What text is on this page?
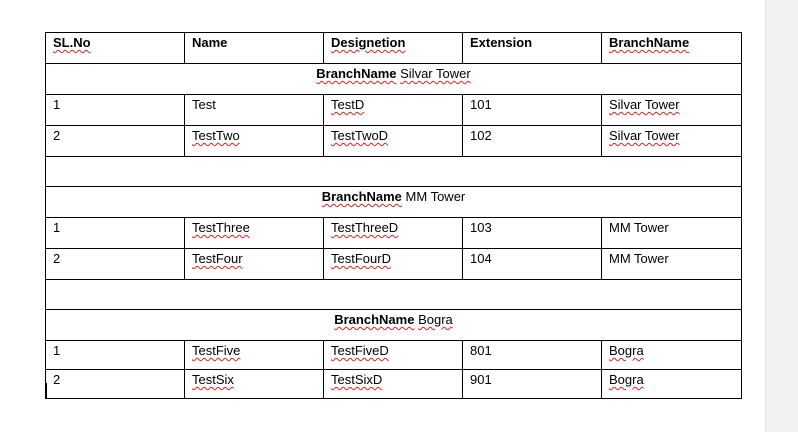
SL.No	Name	Designetion	Extension	BranchName
BranchName Silvar Tower				
1	Test	TestD	101	Silvar Tower
2	TestTwo	TestTwoD	102	Silvar Tower

BranchName MM Tower				
1	TestThree	TestThreeD	103	MM Tower
2	TestFour	TestFourD	104	MM Tower

BranchName Bogra				
1	TestFive	TestFiveD	801	Bogra
2	TestSix	TestSixD	901	Bogra
